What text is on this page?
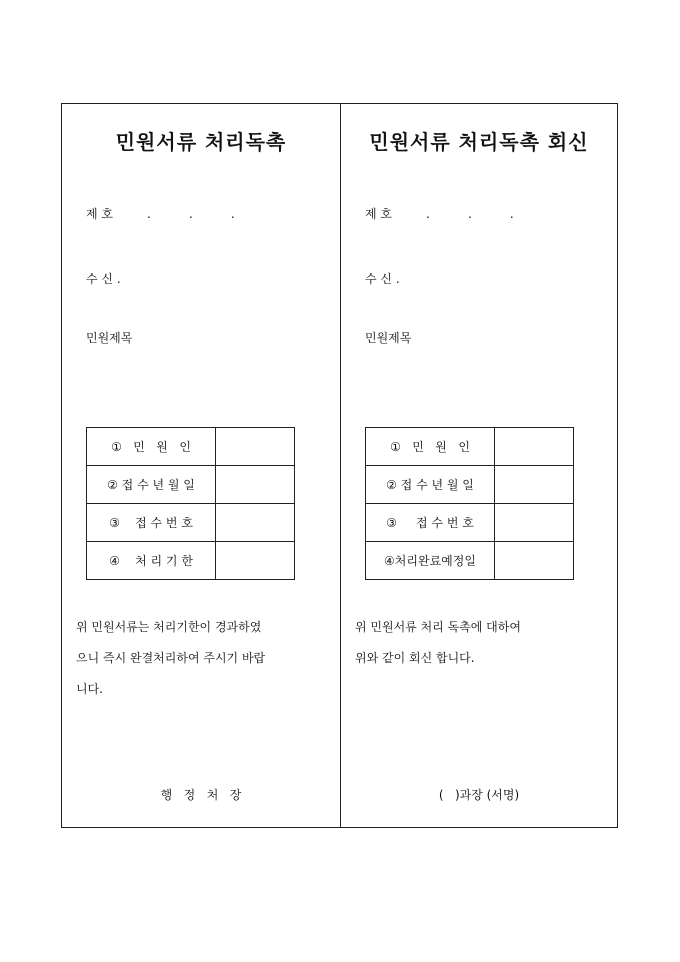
민원서류 처리독촉
제 호	.          .          .
수 신 .
민원제목
①   민   원   인	
② 접 수 년 월 일	
③    접 수 번 호	
④    처 리 기 한	
위 민원서류는 처리기한이 경과하였
으니 즉시 완결처리하여 주시기 바랍
니다.
행   정   처   장
민원서류 처리독촉 회신
제 호	.          .          .
수 신 .
민원제목
①   민   원   인	
② 접 수 년 월 일	
③     접 수 번 호	
④처리완료예정일	
위 민원서류 처리 독촉에 대하여
위와 같이 회신 합니다.
(   )과장 (서명)
